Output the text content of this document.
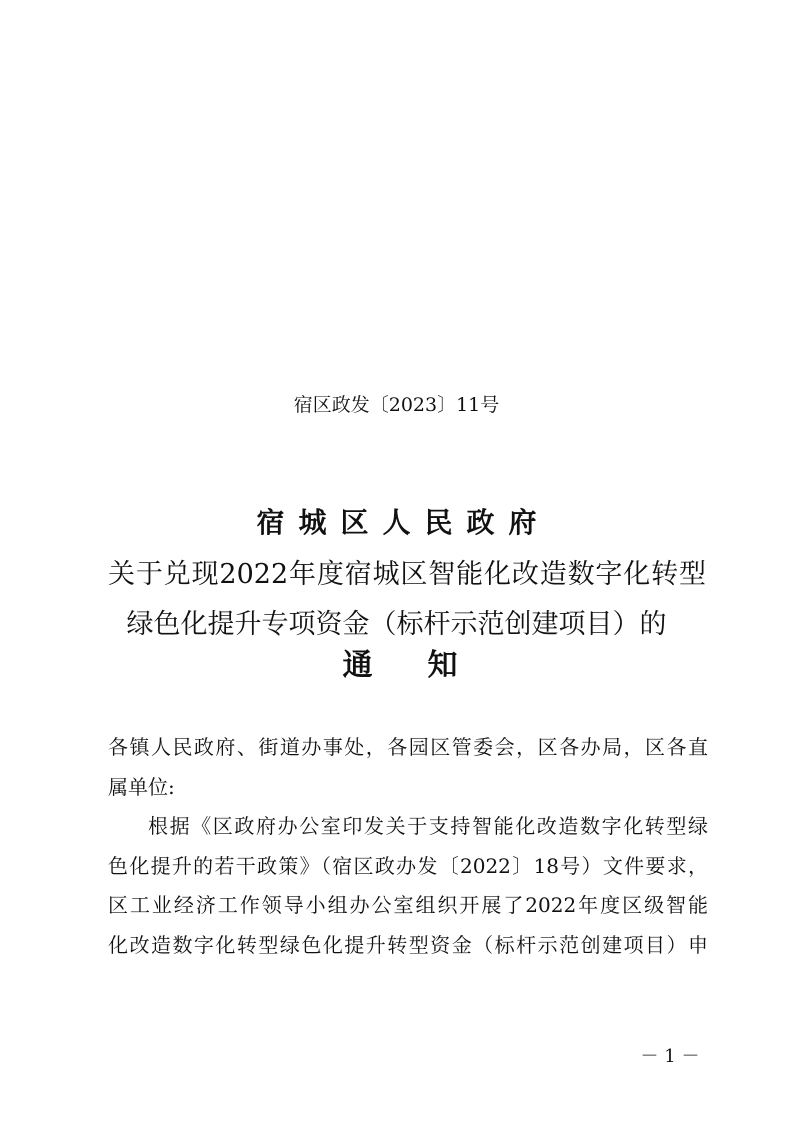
宿区政发〔2023〕11号
宿城区人民政府
关于兑现2022年度宿城区智能化改造数字化转型
绿色化提升专项资金（标杆示范创建项目）的
通知
各镇人民政府、街道办事处，各园区管委会，区各办局，区各直
属单位:
根据《区政府办公室印发关于支持智能化改造数字化转型绿
色化提升的若干政策》（宿区政办发〔2022〕18号）文件要求，
区工业经济工作领导小组办公室组织开展了2022年度区级智能
化改造数字化转型绿色化提升转型资金（标杆示范创建项目）申
－ 1 －
